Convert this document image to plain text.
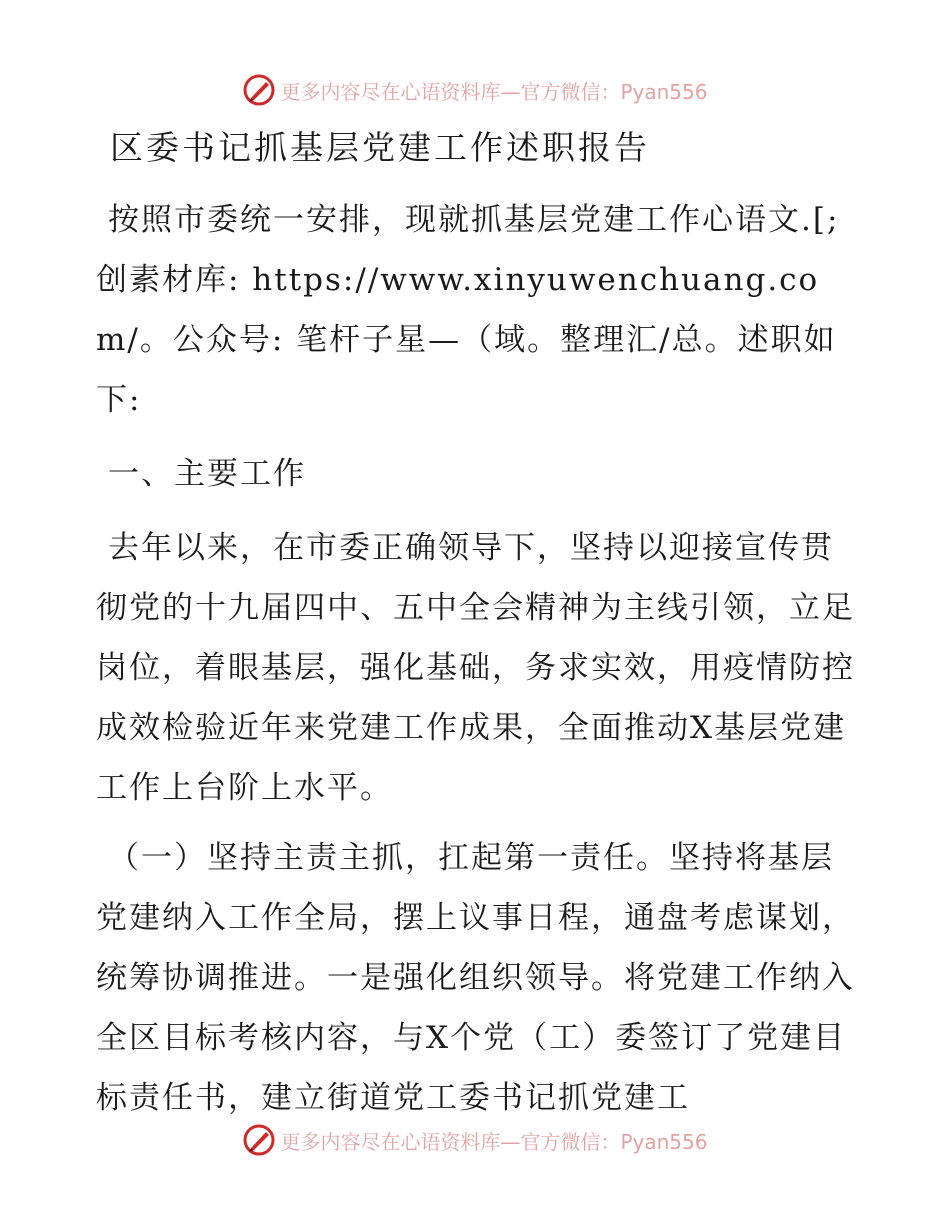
更多内容尽在心语资料库—官方微信：Pyan556
区委书记抓基层党建工作述职报告

按照市委统一安排，现就抓基层党建工作心语文.[;创素材库: https://www.xinyuwenchuang.com/。公众号: 笔杆子星—（域。整理汇/总。述职如下:

一、主要工作

去年以来，在市委正确领导下，坚持以迎接宣传贯彻党的十九届四中、五中全会精神为主线引领，立足岗位，着眼基层，强化基础，务求实效，用疫情防控成效检验近年来党建工作成果，全面推动X基层党建工作上台阶上水平。

（一）坚持主责主抓，扛起第一责任。坚持将基层党建纳入工作全局，摆上议事日程，通盘考虑谋划，统筹协调推进。一是强化组织领导。将党建工作纳入全区目标考核内容，与X个党（工）委签订了党建目标责任书，建立街道党工委书记抓党建工

更多内容尽在心语资料库—官方微信：Pyan556
